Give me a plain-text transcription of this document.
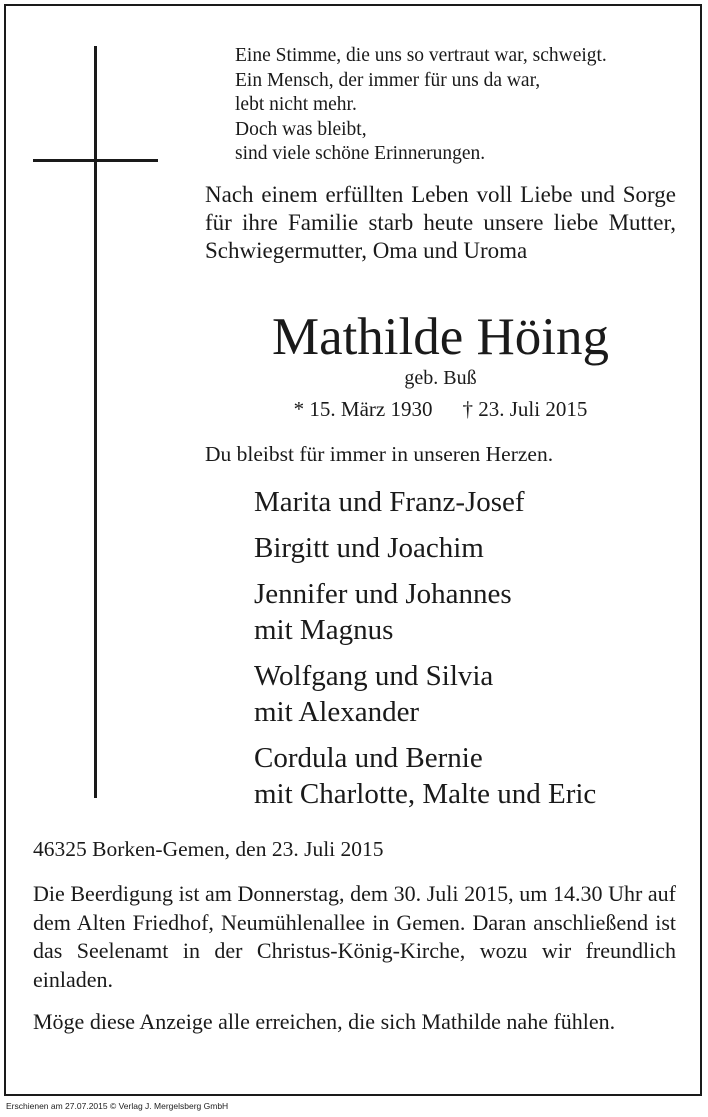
Eine Stimme, die uns so vertraut war, schweigt.
Ein Mensch, der immer für uns da war,
lebt nicht mehr.
Doch was bleibt,
sind viele schöne Erinnerungen.
Nach einem erfüllten Leben voll Liebe und Sorge für ihre Familie starb heute unsere liebe Mutter, Schwiegermutter, Oma und Uroma
Mathilde Höing
geb. Buß
* 15. März 1930 † 23. Juli 2015
Du bleibst für immer in unseren Herzen.
Marita und Franz-Josef
Birgitt und Joachim
Jennifer und Johannes
mit Magnus
Wolfgang und Silvia
mit Alexander
Cordula und Bernie
mit Charlotte, Malte und Eric
46325 Borken-Gemen, den 23. Juli 2015
Die Beerdigung ist am Donnerstag, dem 30. Juli 2015, um 14.30 Uhr auf dem Alten Friedhof, Neumühlenallee in Gemen. Daran anschließend ist das Seelenamt in der Christus-König-Kirche, wozu wir freundlich einladen.
Möge diese Anzeige alle erreichen, die sich Mathilde nahe fühlen.
Erschienen am 27.07.2015 © Verlag J. Mergelsberg GmbH
